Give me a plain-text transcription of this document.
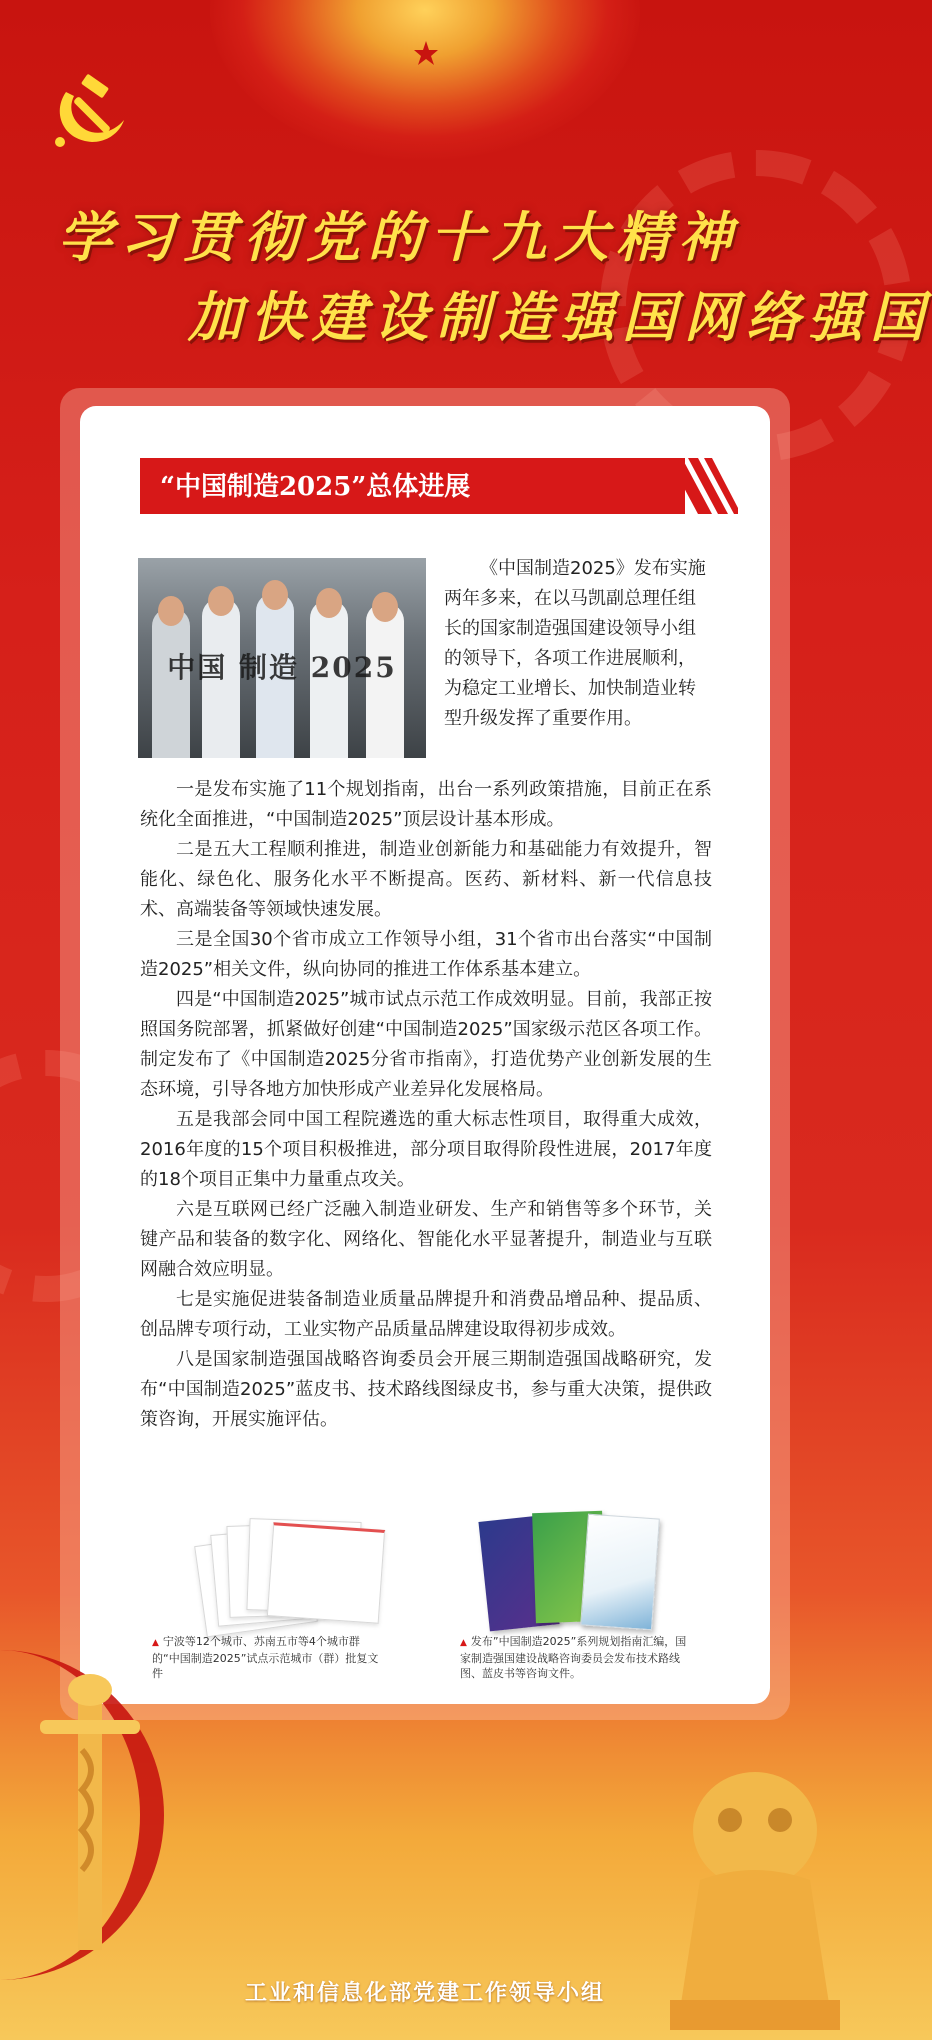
学习贯彻党的十九大精神
加快建设制造强国网络强国
“中国制造2025”总体进展
中国 制造 2025

《中国制造2025》发布实施两年多来，在以马凯副总理任组长的国家制造强国建设领导小组的领导下，各项工作进展顺利，为稳定工业增长、加快制造业转型升级发挥了重要作用。

一是发布实施了11个规划指南，出台一系列政策措施，目前正在系统化全面推进，“中国制造2025”顶层设计基本形成。

二是五大工程顺利推进，制造业创新能力和基础能力有效提升，智能化、绿色化、服务化水平不断提高。医药、新材料、新一代信息技术、高端装备等领域快速发展。

三是全国30个省市成立工作领导小组，31个省市出台落实“中国制造2025”相关文件，纵向协同的推进工作体系基本建立。

四是“中国制造2025”城市试点示范工作成效明显。目前，我部正按照国务院部署，抓紧做好创建“中国制造2025”国家级示范区各项工作。制定发布了《中国制造2025分省市指南》，打造优势产业创新发展的生态环境，引导各地方加快形成产业差异化发展格局。

五是我部会同中国工程院遴选的重大标志性项目，取得重大成效，2016年度的15个项目积极推进，部分项目取得阶段性进展，2017年度的18个项目正集中力量重点攻关。

六是互联网已经广泛融入制造业研发、生产和销售等多个环节，关键产品和装备的数字化、网络化、智能化水平显著提升，制造业与互联网融合效应明显。

七是实施促进装备制造业质量品牌提升和消费品增品种、提品质、创品牌专项行动，工业实物产品质量品牌建设取得初步成效。

八是国家制造强国战略咨询委员会开展三期制造强国战略研究，发布“中国制造2025”蓝皮书、技术路线图绿皮书，参与重大决策，提供政策咨询，开展实施评估。

▲ 宁波等12个城市、苏南五市等4个城市群的“中国制造2025”试点示范城市（群）批复文件
▲ 发布”中国制造2025”系列规划指南汇编，国家制造强国建设战略咨询委员会发布技术路线图、蓝皮书等咨询文件。
工业和信息化部党建工作领导小组
